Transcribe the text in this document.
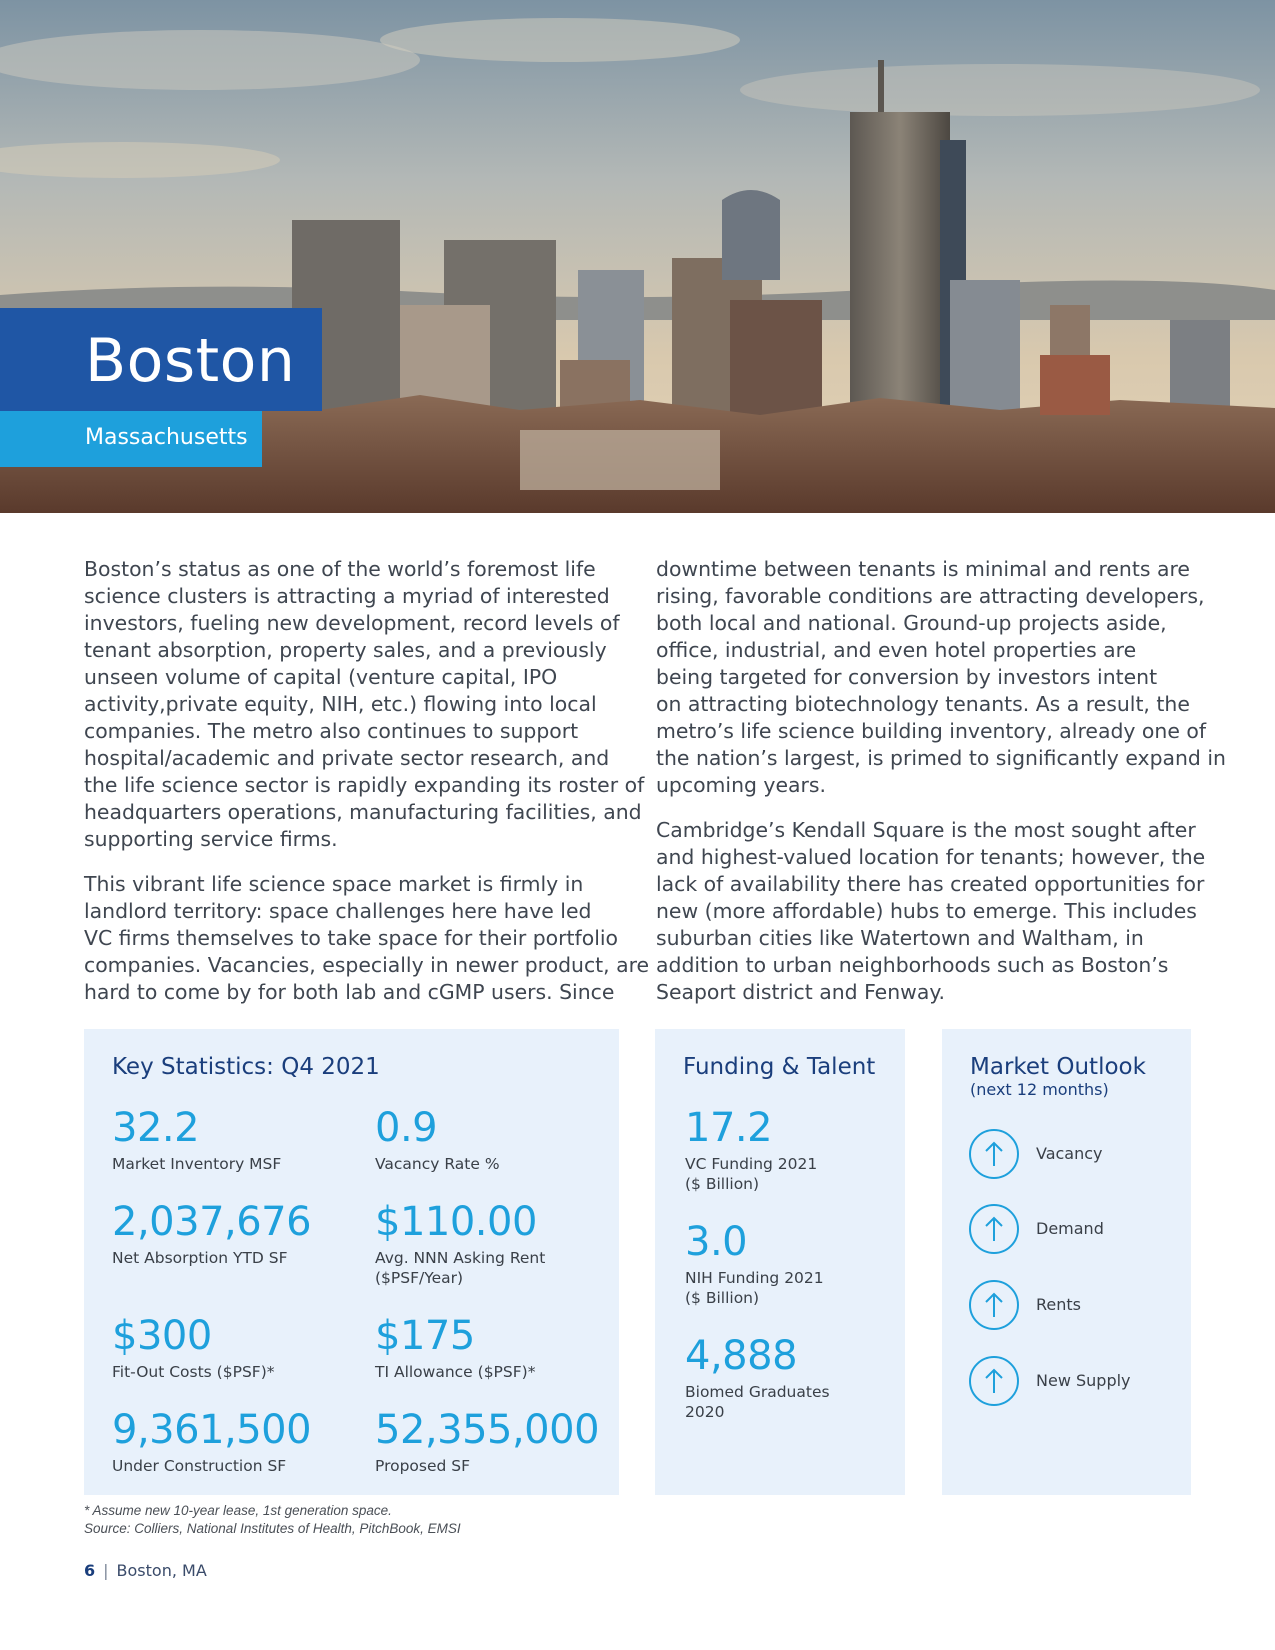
Boston
Massachusetts

Boston’s status as one of the world’s foremost life
science clusters is attracting a myriad of interested
investors, fueling new development, record levels of
tenant absorption, property sales, and a previously
unseen volume of capital (venture capital, IPO
activity,private equity, NIH, etc.) flowing into local
companies. The metro also continues to support
hospital/academic and private sector research, and
the life science sector is rapidly expanding its roster of
headquarters operations, manufacturing facilities, and
supporting service firms.

This vibrant life science space market is firmly in
landlord territory: space challenges here have led
VC firms themselves to take space for their portfolio
companies. Vacancies, especially in newer product, are
hard to come by for both lab and cGMP users. Since

downtime between tenants is minimal and rents are
rising, favorable conditions are attracting developers,
both local and national. Ground-up projects aside,
office, industrial, and even hotel properties are
being targeted for conversion by investors intent
on attracting biotechnology tenants. As a result, the
metro’s life science building inventory, already one of
the nation’s largest, is primed to significantly expand in
upcoming years.

Cambridge’s Kendall Square is the most sought after
and highest-valued location for tenants; however, the
lack of availability there has created opportunities for
new (more affordable) hubs to emerge. This includes
suburban cities like Watertown and Waltham, in
addition to urban neighborhoods such as Boston’s
Seaport district and Fenway.

Key Statistics: Q4 2021
32.2
Market Inventory MSF
0.9
Vacancy Rate %
2,037,676
Net Absorption YTD SF
$110.00
Avg. NNN Asking Rent
($PSF/Year)
$300
Fit-Out Costs ($PSF)*
$175
TI Allowance ($PSF)*
9,361,500
Under Construction SF
52,355,000
Proposed SF
Funding & Talent
17.2
VC Funding 2021
($ Billion)
3.0
NIH Funding 2021
($ Billion)
4,888
Biomed Graduates
2020
Market Outlook
(next 12 months)
Vacancy
Demand
Rents
New Supply
* Assume new 10-year lease, 1st generation space.
Source: Colliers, National Institutes of Health, PitchBook, EMSI
6 | Boston, MA
